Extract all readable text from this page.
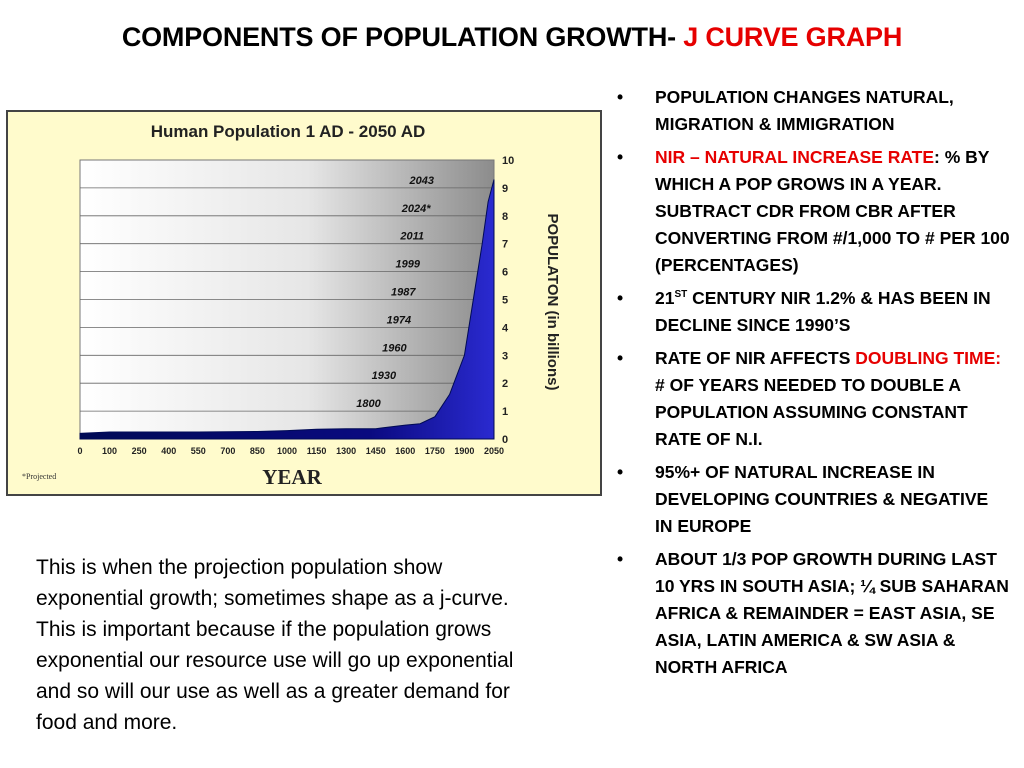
COMPONENTS OF POPULATION GROWTH- J CURVE GRAPH
0
1
2
3
4
5
6
7
8
9
10
0 100 250 400 550 700 850 1000 1150 1300 1450 1600 1750 1900 2050
1800
1930
1960
1974
1987
1999
2011
2024*
2043
Human Population 1 AD - 2050 AD
YEAR
POPULATON (in billions)
*Projected
This is when the projection population show exponential growth; sometimes shape as a j-curve. This is important because if the population grows exponential our resource use will go up exponential and so will our use as well as a greater demand for food and more.
• POPULATION CHANGES NATURAL, MIGRATION & IMMIGRATION
• NIR – NATURAL INCREASE RATE: % BY WHICH A POP GROWS IN A YEAR. SUBTRACT CDR FROM CBR AFTER CONVERTING FROM #/1,000 TO # PER 100 (PERCENTAGES)
• 21ST CENTURY NIR 1.2% & HAS BEEN IN DECLINE SINCE 1990’S
• RATE OF NIR AFFECTS DOUBLING TIME: # OF YEARS NEEDED TO DOUBLE A POPULATION ASSUMING CONSTANT RATE OF N.I.
• 95%+ OF NATURAL INCREASE IN DEVELOPING COUNTRIES & NEGATIVE IN EUROPE
• ABOUT 1/3 POP GROWTH DURING LAST 10 YRS IN SOUTH ASIA; ¼ SUB SAHARAN AFRICA & REMAINDER = EAST ASIA, SE ASIA, LATIN AMERICA & SW ASIA & NORTH AFRICA
